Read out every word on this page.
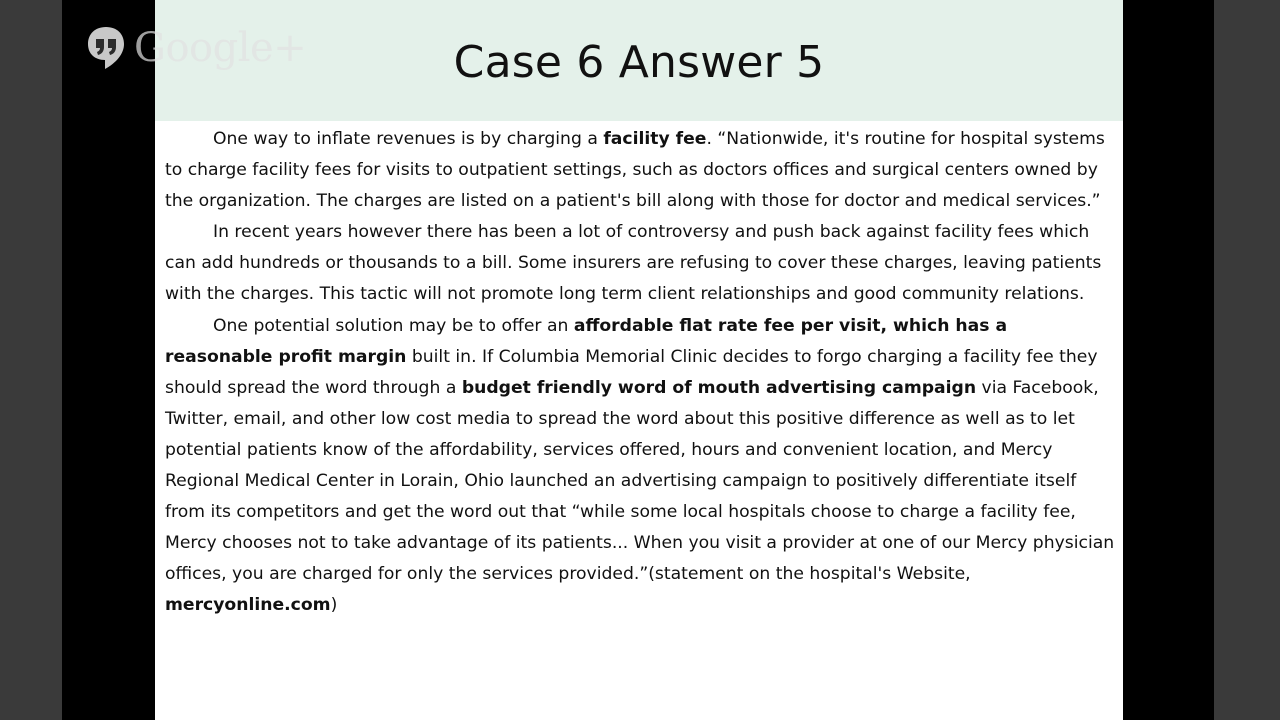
Case 6 Answer 5

One way to inflate revenues is by charging a facility fee. “Nationwide, it's routine for hospital systems to charge facility fees for visits to outpatient settings, such as doctors offices and surgical centers owned by the organization. The charges are listed on a patient's bill along with those for doctor and medical services.”

In recent years however there has been a lot of controversy and push back against facility fees which can add hundreds or thousands to a bill. Some insurers are refusing to cover these charges, leaving patients with the charges. This tactic will not promote long term client relationships and good community relations.

One potential solution may be to offer an affordable flat rate fee per visit, which has a reasonable profit margin built in. If Columbia Memorial Clinic decides to forgo charging a facility fee they should spread the word through a budget friendly word of mouth advertising campaign via Facebook, Twitter, email, and other low cost media to spread the word about this positive difference as well as to let potential patients know of the affordability, services offered, hours and convenient location, and Mercy Regional Medical Center in Lorain, Ohio launched an advertising campaign to positively differentiate itself from its competitors and get the word out that “while some local hospitals choose to charge a facility fee, Mercy chooses not to take advantage of its patients... When you visit a provider at one of our Mercy physician offices, you are charged for only the services provided.”(statement on the hospital's Website, mercyonline.com)

Google+
